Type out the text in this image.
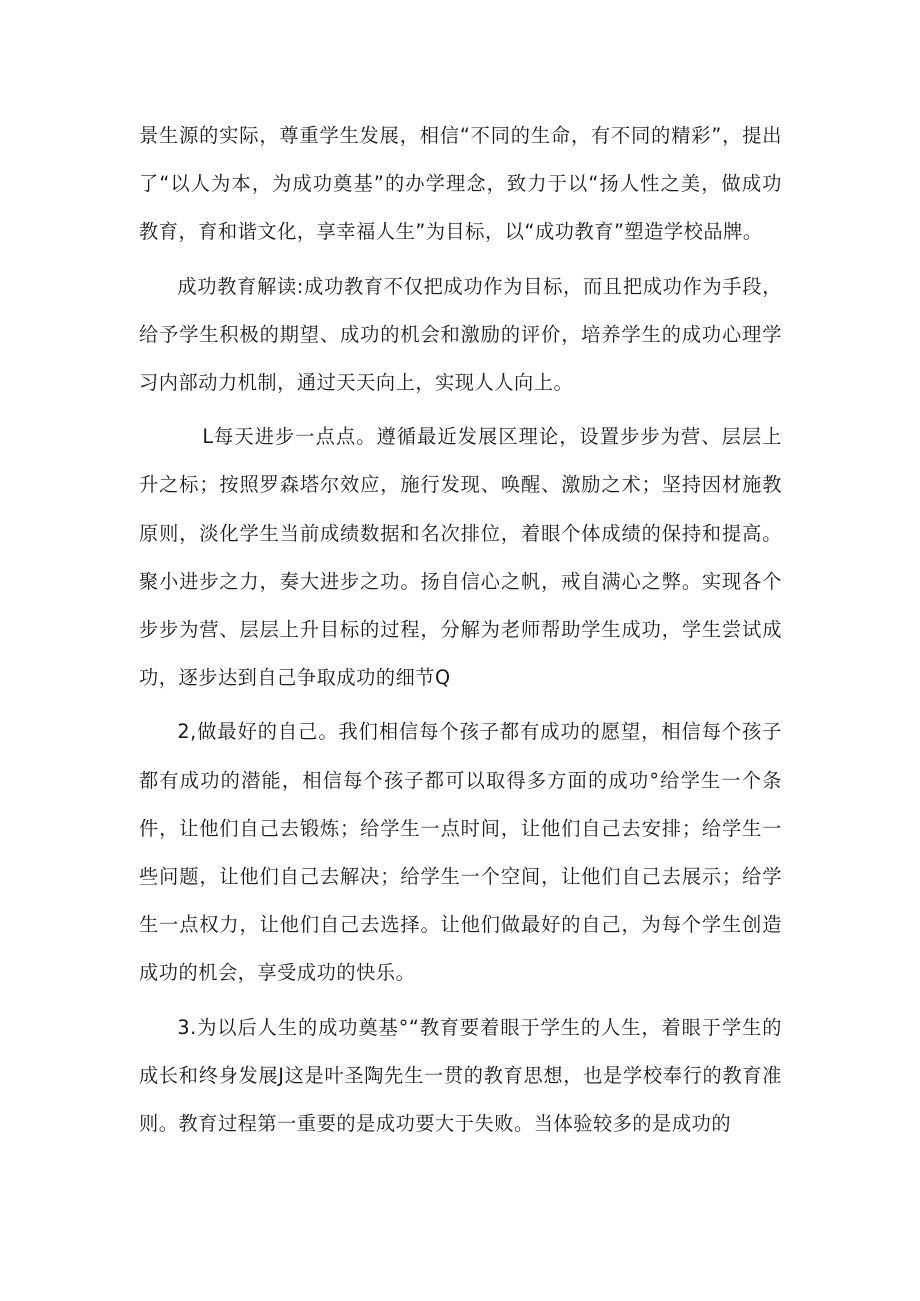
景生源的实际，尊重学生发展，相信“不同的生命，有不同的精彩”，提出了“以人为本，为成功奠基”的办学理念，致力于以“扬人性之美，做成功教育，育和谐文化，享幸福人生”为目标，以“成功教育”塑造学校品牌。

成功教育解读:成功教育不仅把成功作为目标，而且把成功作为手段，给予学生积极的期望、成功的机会和激励的评价，培养学生的成功心理学习内部动力机制，通过天天向上，实现人人向上。

L每天进步一点点。遵循最近发展区理论，设置步步为营、层层上升之标；按照罗森塔尔效应，施行发现、唤醒、激励之术；坚持因材施教原则，淡化学生当前成绩数据和名次排位，着眼个体成绩的保持和提高。聚小进步之力，奏大进步之功。扬自信心之帆，戒自满心之弊。实现各个步步为营、层层上升目标的过程，分解为老师帮助学生成功，学生尝试成功，逐步达到自己争取成功的细节Q

2,做最好的自己。我们相信每个孩子都有成功的愿望，相信每个孩子都有成功的潜能，相信每个孩子都可以取得多方面的成功°给学生一个条件，让他们自己去锻炼；给学生一点时间，让他们自己去安排；给学生一些问题，让他们自己去解决；给学生一个空间，让他们自己去展示；给学生一点权力，让他们自己去选择。让他们做最好的自己，为每个学生创造成功的机会，享受成功的快乐。

3.为以后人生的成功奠基°“教育要着眼于学生的人生，着眼于学生的成长和终身发展J这是叶圣陶先生一贯的教育思想，也是学校奉行的教育准则。教育过程第一重要的是成功要大于失败。当体验较多的是成功的
